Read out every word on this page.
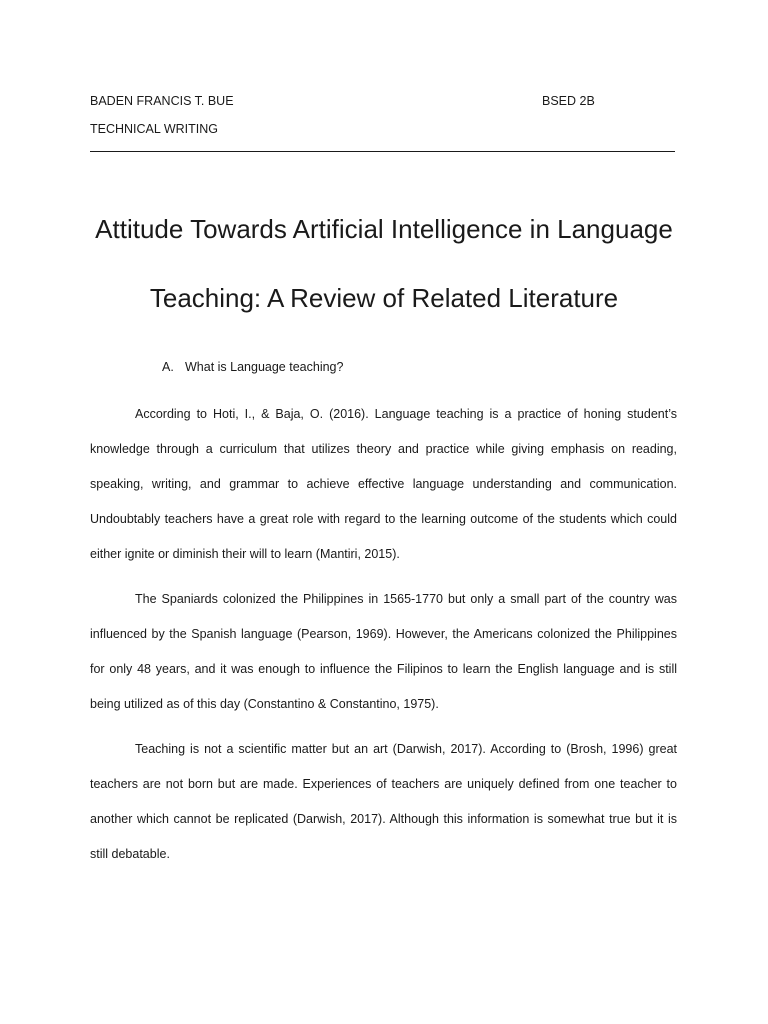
BADEN FRANCIS T. BUE	BSED 2B
TECHNICAL WRITING
Attitude Towards Artificial Intelligence in Language
Teaching: A Review of Related Literature
A. What is Language teaching?

According to Hoti, I., & Baja, O. (2016). Language teaching is a practice of honing student’s knowledge through a curriculum that utilizes theory and practice while giving emphasis on reading, speaking, writing, and grammar to achieve effective language understanding and communication. Undoubtably teachers have a great role with regard to the learning outcome of the students which could either ignite or diminish their will to learn (Mantiri, 2015).

The Spaniards colonized the Philippines in 1565-1770 but only a small part of the country was influenced by the Spanish language (Pearson, 1969). However, the Americans colonized the Philippines for only 48 years, and it was enough to influence the Filipinos to learn the English language and is still being utilized as of this day (Constantino & Constantino, 1975).

Teaching is not a scientific matter but an art (Darwish, 2017). According to (Brosh, 1996) great teachers are not born but are made. Experiences of teachers are uniquely defined from one teacher to another which cannot be replicated (Darwish, 2017). Although this information is somewhat true but it is still debatable.
